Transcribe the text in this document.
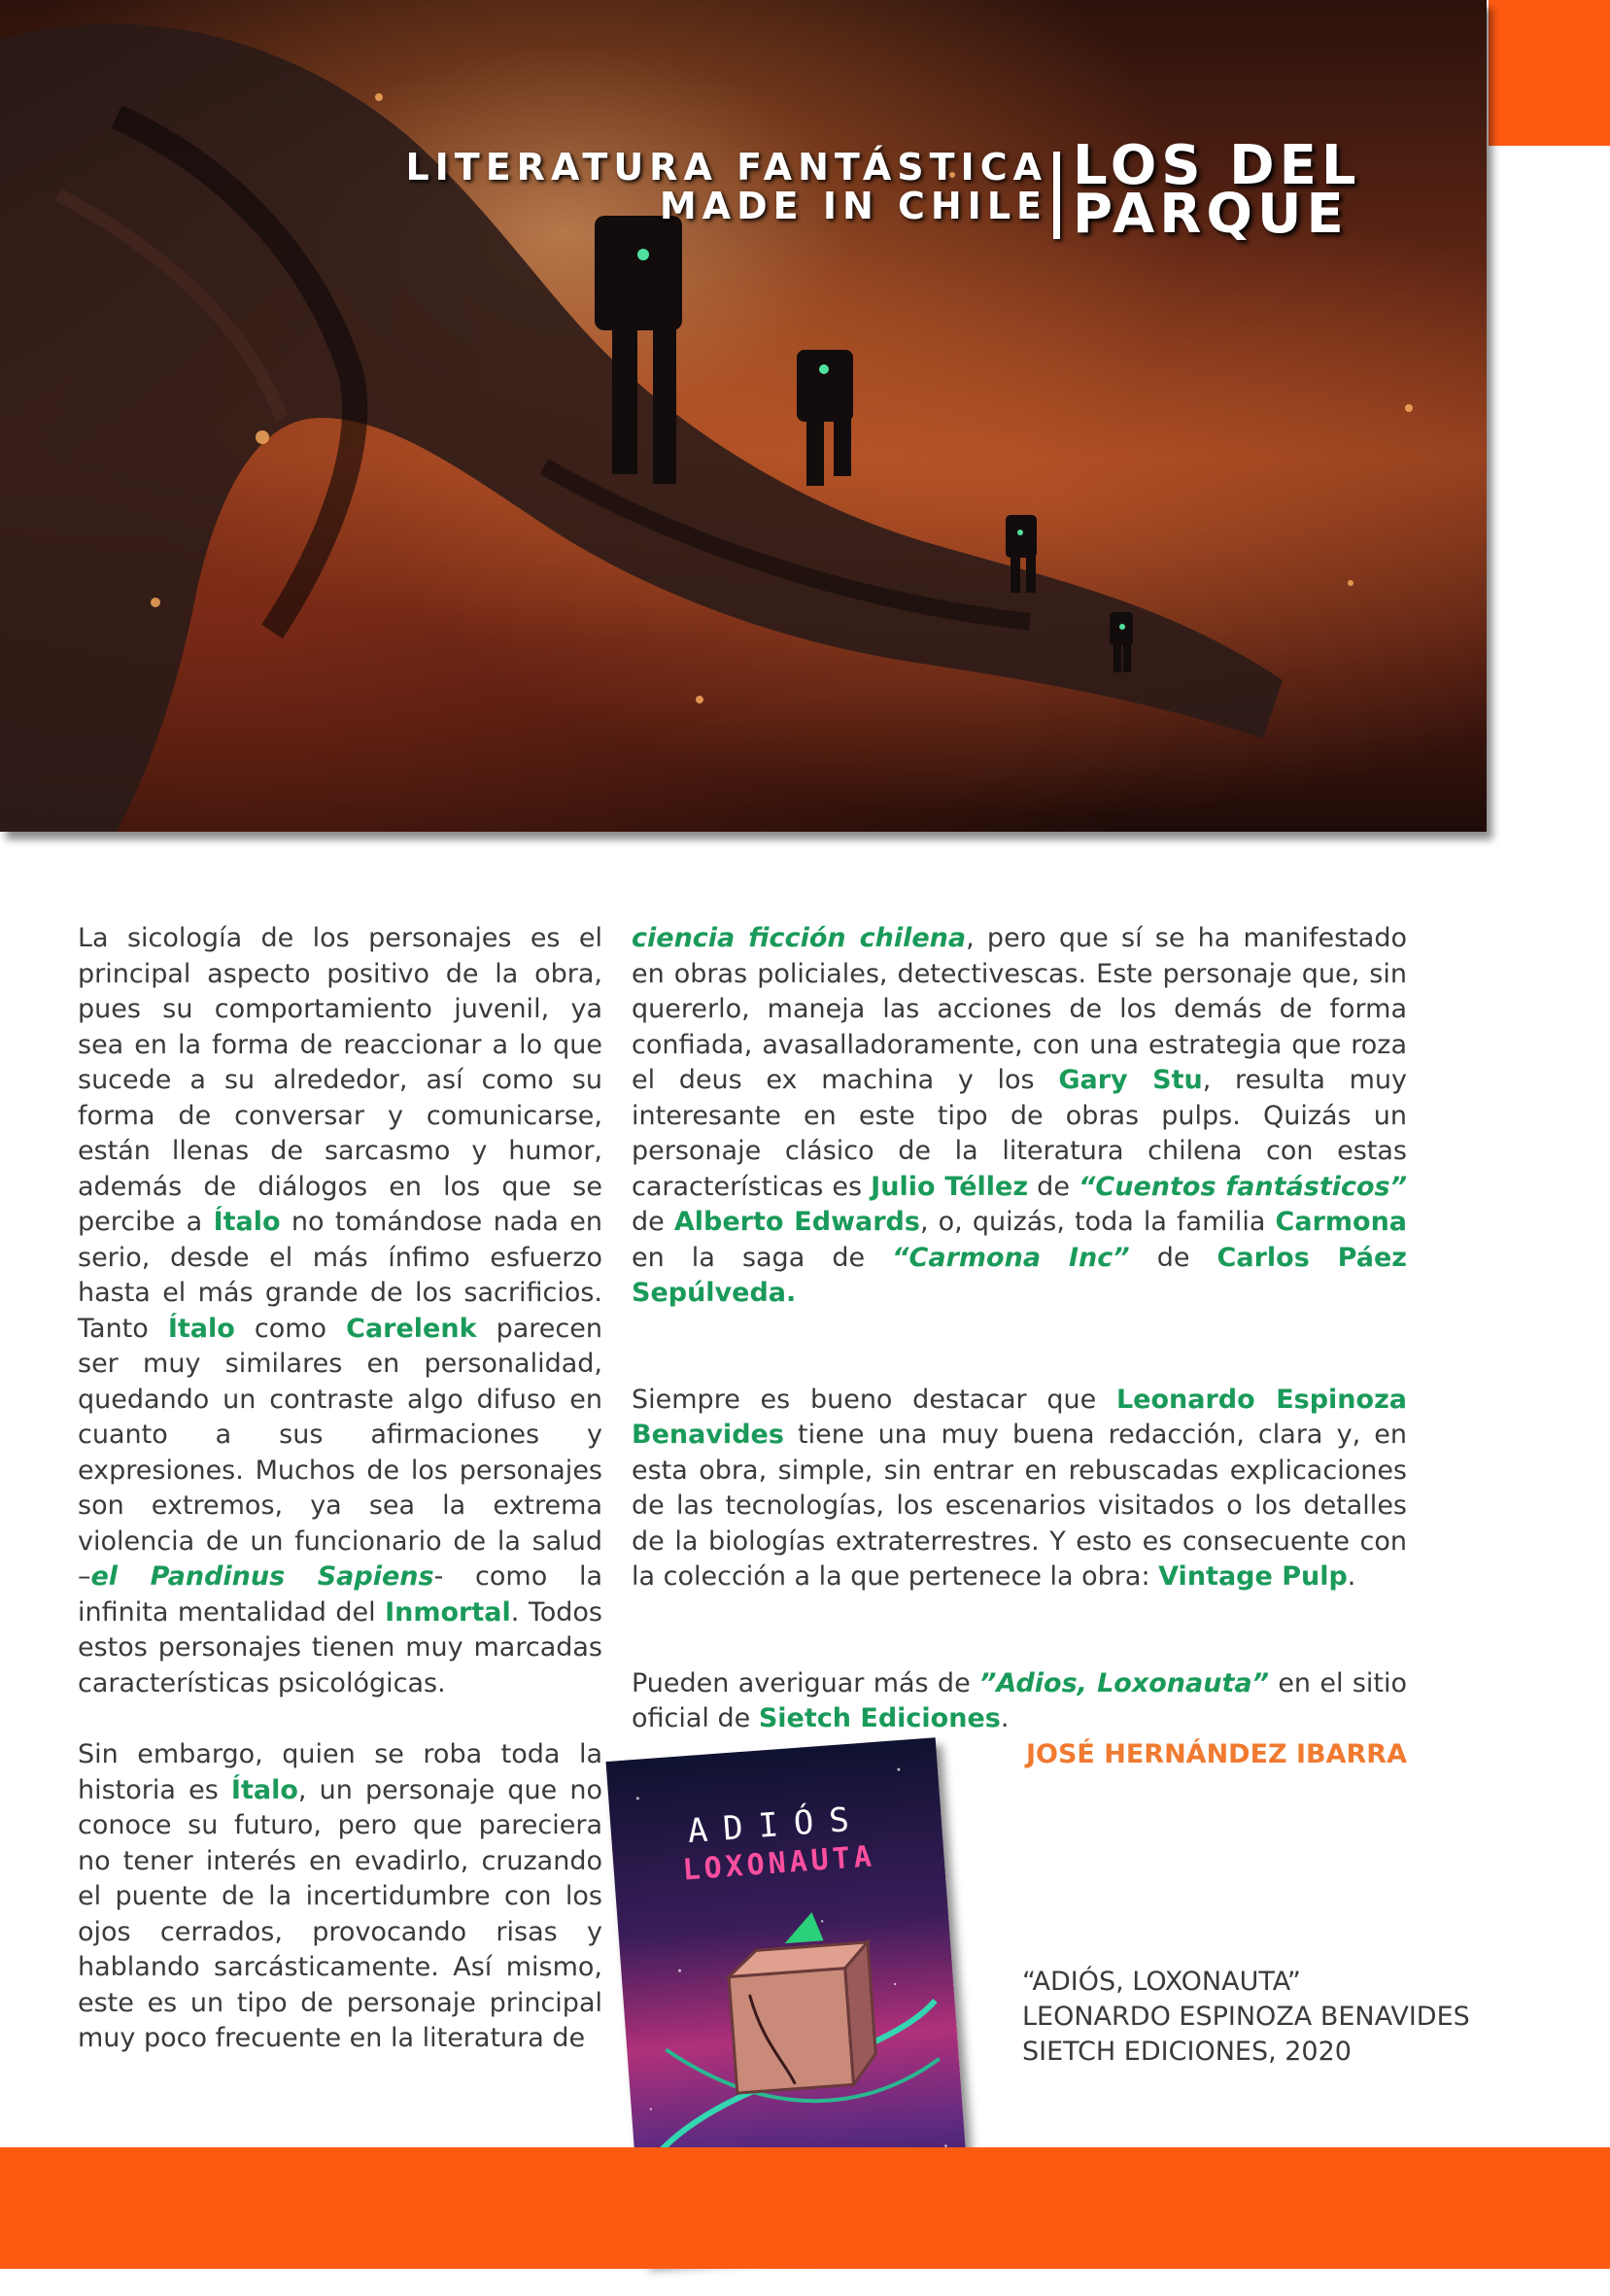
LITERATURA FANTÁSTICA
MADE IN CHILE
LOS DEL
PARQUE

La sicología de los personajes es el principal aspecto positivo de la obra, pues su comportamiento juvenil, ya sea en la forma de reaccionar a lo que sucede a su alrededor, así como su forma de conversar y comunicarse, están llenas de sarcasmo y humor, además de diálogos en los que se percibe a Ítalo no tomándose nada en serio, desde el más ínfimo esfuerzo hasta el más grande de los sacrificios. Tanto Ítalo como Carelenk parecen ser muy similares en personalidad, quedando un contraste algo difuso en cuanto a sus afirmaciones y expresiones. Muchos de los personajes son extremos, ya sea la extrema violencia de un funcionario de la salud –el Pandinus Sapiens- como la infinita mentalidad del Inmortal. Todos estos personajes tienen muy marcadas características psicológicas.

Sin embargo, quien se roba toda la historia es Ítalo, un personaje que no conoce su futuro, pero que pareciera no tener interés en evadirlo, cruzando el puente de la incertidumbre con los ojos cerrados, provocando risas y hablando sarcásticamente. Así mismo, este es un tipo de personaje principal muy poco frecuente en la literatura de

ciencia ficción chilena, pero que sí se ha manifestado en obras policiales, detectivescas. Este personaje que, sin quererlo, maneja las acciones de los demás de forma confiada, avasalladoramente, con una estrategia que roza el deus ex machina y los Gary Stu, resulta muy interesante en este tipo de obras pulps. Quizás un personaje clásico de la literatura chilena con estas características es Julio Téllez de “Cuentos fantásticos” de Alberto Edwards, o, quizás, toda la familia Carmona en la saga de “Carmona Inc” de Carlos Páez Sepúlveda.

Siempre es bueno destacar que Leonardo Espinoza Benavides tiene una muy buena redacción, clara y, en esta obra, simple, sin entrar en rebuscadas explicaciones de las tecnologías, los escenarios visitados o los detalles de la biologías extraterrestres. Y esto es consecuente con la colección a la que pertenece la obra: Vintage Pulp.

Pueden averiguar más de ”Adios, Loxonauta” en el sitio oficial de Sietch Ediciones.

JOSÉ HERNÁNDEZ IBARRA
ADIÓS
LOXONAUTA
“ADIÓS, LOXONAUTA”
LEONARDO ESPINOZA BENAVIDES
SIETCH EDICIONES, 2020
